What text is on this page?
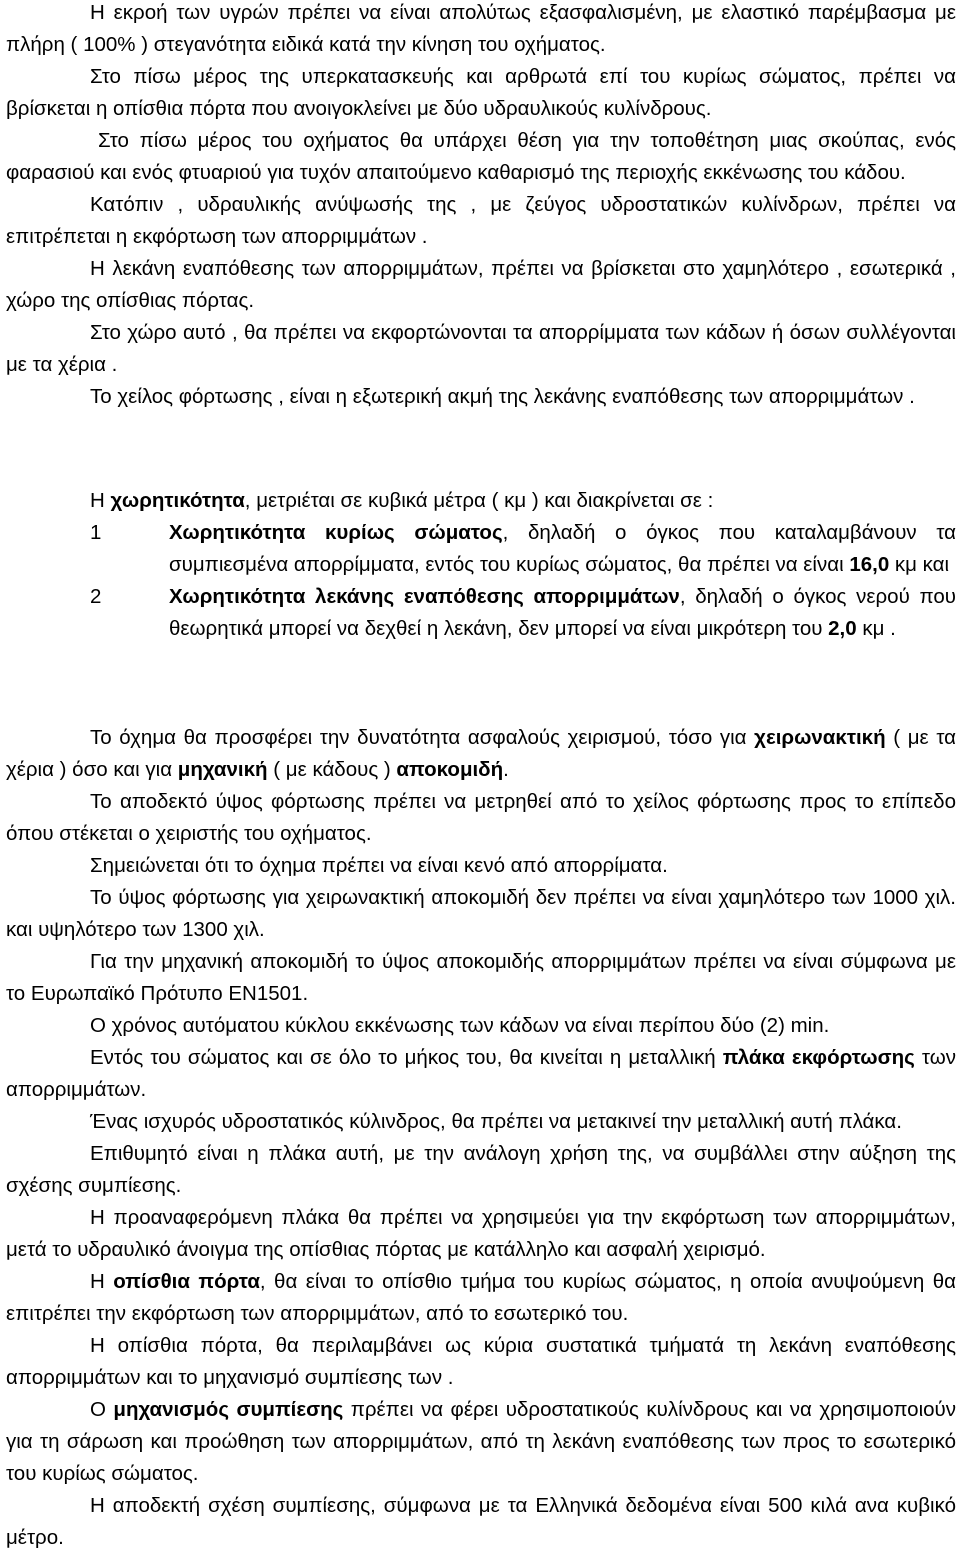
Η εκροή των υγρών πρέπει να είναι απολύτως εξασφαλισμένη, με ελαστικό παρέμβασμα με πλήρη ( 100% ) στεγανότητα ειδικά κατά την κίνηση του οχήματος.

Στο πίσω μέρος της υπερκατασκευής και αρθρωτά επί του κυρίως σώματος, πρέπει να βρίσκεται η οπίσθια πόρτα που ανοιγοκλείνει με δύο υδραυλικούς κυλίνδρους.

Στο πίσω μέρος του οχήματος θα υπάρχει θέση για την τοποθέτηση μιας σκούπας, ενός φαρασιού και ενός φτυαριού για τυχόν απαιτούμενο καθαρισμό της περιοχής εκκένωσης του κάδου.

Κατόπιν , υδραυλικής ανύψωσής της , με ζεύγος υδροστατικών κυλίνδρων, πρέπει να επιτρέπεται η εκφόρτωση των απορριμμάτων .

Η λεκάνη εναπόθεσης των απορριμμάτων, πρέπει να βρίσκεται στο χαμηλότερο , εσωτερικά , χώρο της οπίσθιας πόρτας.

Στο χώρο αυτό , θα πρέπει να εκφορτώνονται τα απορρίμματα των κάδων ή όσων συλλέγονται με τα χέρια .

Το χείλος φόρτωσης , είναι η εξωτερική ακμή της λεκάνης εναπόθεσης των απορριμμάτων .

Η χωρητικότητα, μετριέται σε κυβικά μέτρα ( κμ ) και διακρίνεται σε :

1	Χωρητικότητα κυρίως σώματος, δηλαδή ο όγκος που καταλαμβάνουν τα συμπιεσμένα απορρίμματα, εντός του κυρίως σώματος, θα πρέπει να είναι 16,0 κμ και
2	Χωρητικότητα λεκάνης εναπόθεσης απορριμμάτων, δηλαδή ο όγκος νερού που θεωρητικά μπορεί να δεχθεί η λεκάνη, δεν μπορεί να είναι μικρότερη του 2,0 κμ .

Το όχημα θα προσφέρει την δυνατότητα ασφαλούς χειρισμού, τόσο για χειρωνακτική ( με τα χέρια ) όσο και για μηχανική ( με κάδους ) αποκομιδή.

Το αποδεκτό ύψος φόρτωσης πρέπει να μετρηθεί από το χείλος φόρτωσης προς το επίπεδο όπου στέκεται ο χειριστής του οχήματος.

Σημειώνεται ότι το όχημα πρέπει να είναι κενό από απορρίματα.

Το ύψος φόρτωσης για χειρωνακτική αποκομιδή δεν πρέπει να είναι χαμηλότερο των 1000 χιλ. και υψηλότερο των 1300 χιλ.

Για την μηχανική αποκομιδή το ύψος αποκομιδής απορριμμάτων πρέπει να είναι σύμφωνα με το Ευρωπαϊκό Πρότυπο ΕΝ1501.

Ο χρόνος αυτόματου κύκλου εκκένωσης των κάδων να είναι περίπου δύο (2) min.

Εντός του σώματος και σε όλο το μήκος του, θα κινείται η μεταλλική πλάκα εκφόρτωσης των απορριμμάτων.

Ένας ισχυρός υδροστατικός κύλινδρος, θα πρέπει να μετακινεί την μεταλλική αυτή πλάκα.

Επιθυμητό είναι η πλάκα αυτή, με την ανάλογη χρήση της, να συμβάλλει στην αύξηση της σχέσης συμπίεσης.

Η προαναφερόμενη πλάκα θα πρέπει να χρησιμεύει για την εκφόρτωση των απορριμμάτων, μετά το υδραυλικό άνοιγμα της οπίσθιας πόρτας με κατάλληλο και ασφαλή χειρισμό.

Η οπίσθια πόρτα, θα είναι το οπίσθιο τμήμα του κυρίως σώματος, η οποία ανυψούμενη θα επιτρέπει την εκφόρτωση των απορριμμάτων, από το εσωτερικό του.

Η οπίσθια πόρτα, θα περιλαμβάνει ως κύρια συστατικά τμήματά τη λεκάνη εναπόθεσης απορριμμάτων και το μηχανισμό συμπίεσης των .

Ο μηχανισμός συμπίεσης πρέπει να φέρει υδροστατικούς κυλίνδρους και να χρησιμοποιούν για τη σάρωση και προώθηση των απορριμμάτων, από τη λεκάνη εναπόθεσης των προς το εσωτερικό του κυρίως σώματος.

Η αποδεκτή σχέση συμπίεσης, σύμφωνα με τα Ελληνικά δεδομένα είναι 500 κιλά ανα κυβικό μέτρο.
